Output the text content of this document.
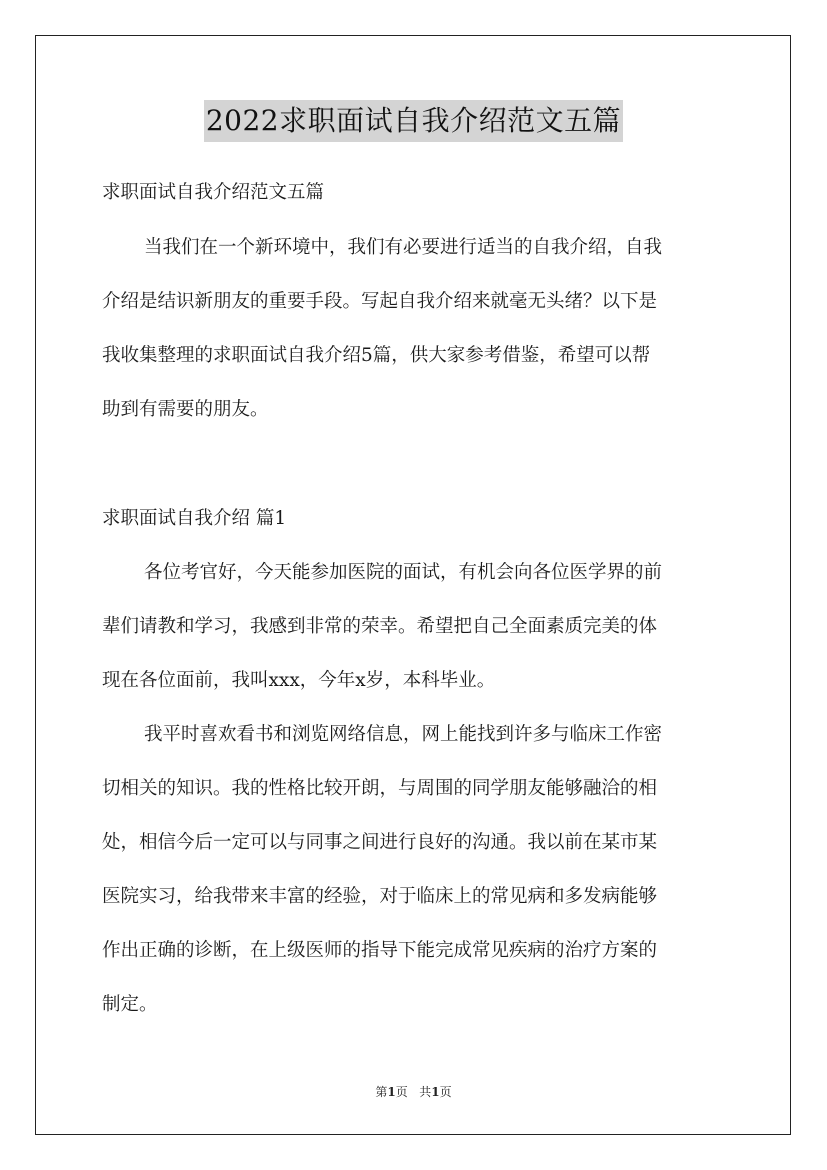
2022求职面试自我介绍范文五篇
求职面试自我介绍范文五篇
当我们在一个新环境中，我们有必要进行适当的自我介绍，自我
介绍是结识新朋友的重要手段。写起自我介绍来就毫无头绪？以下是
我收集整理的求职面试自我介绍5篇，供大家参考借鉴，希望可以帮
助到有需要的朋友。
求职面试自我介绍 篇1
各位考官好，今天能参加医院的面试，有机会向各位医学界的前
辈们请教和学习，我感到非常的荣幸。希望把自己全面素质完美的体
现在各位面前，我叫xxx，今年x岁，本科毕业。
我平时喜欢看书和浏览网络信息，网上能找到许多与临床工作密
切相关的知识。我的性格比较开朗，与周围的同学朋友能够融洽的相
处，相信今后一定可以与同事之间进行良好的沟通。我以前在某市某
医院实习，给我带来丰富的经验，对于临床上的常见病和多发病能够
作出正确的诊断，在上级医师的指导下能完成常见疾病的治疗方案的
制定。
第1页 共1页
